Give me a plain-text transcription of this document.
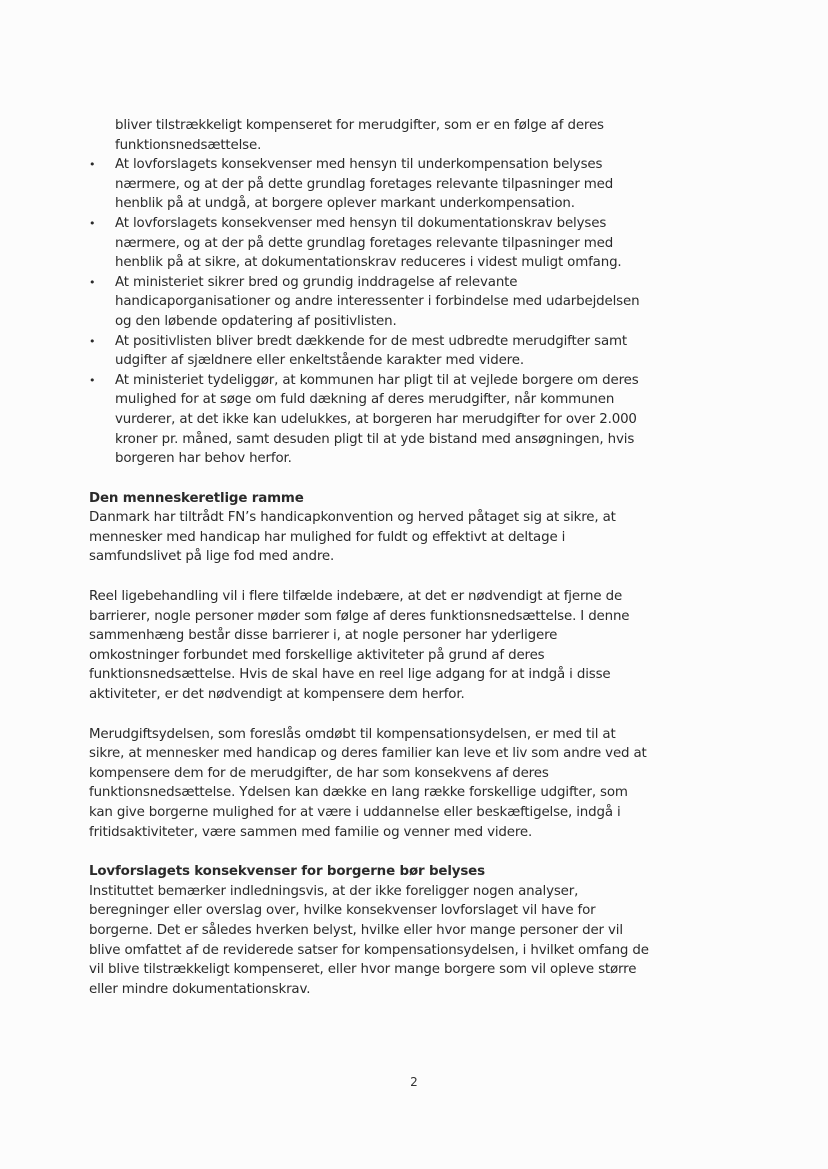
bliver tilstrækkeligt kompenseret for merudgifter, som er en følge af deres funktionsnedsættelse.

• At lovforslagets konsekvenser med hensyn til underkompensation belyses nærmere, og at der på dette grundlag foretages relevante tilpasninger med henblik på at undgå, at borgere oplever markant underkompensation.
• At lovforslagets konsekvenser med hensyn til dokumentationskrav belyses nærmere, og at der på dette grundlag foretages relevante tilpasninger med henblik på at sikre, at dokumentationskrav reduceres i videst muligt omfang.
• At ministeriet sikrer bred og grundig inddragelse af relevante handicaporganisationer og andre interessenter i forbindelse med udarbejdelsen og den løbende opdatering af positivlisten.
• At positivlisten bliver bredt dækkende for de mest udbredte merudgifter samt udgifter af sjældnere eller enkeltstående karakter med videre.
• At ministeriet tydeliggør, at kommunen har pligt til at vejlede borgere om deres mulighed for at søge om fuld dækning af deres merudgifter, når kommunen vurderer, at det ikke kan udelukkes, at borgeren har merudgifter for over 2.000 kroner pr. måned, samt desuden pligt til at yde bistand med ansøgningen, hvis borgeren har behov herfor.
Den menneskeretlige ramme

Danmark har tiltrådt FN’s handicapkonvention og herved påtaget sig at sikre, at mennesker med handicap har mulighed for fuldt og effektivt at deltage i samfundslivet på lige fod med andre.

Reel ligebehandling vil i flere tilfælde indebære, at det er nødvendigt at fjerne de barrierer, nogle personer møder som følge af deres funktionsnedsættelse. I denne sammenhæng består disse barrierer i, at nogle personer har yderligere omkostninger forbundet med forskellige aktiviteter på grund af deres funktionsnedsættelse. Hvis de skal have en reel lige adgang for at indgå i disse aktiviteter, er det nødvendigt at kompensere dem herfor.

Merudgiftsydelsen, som foreslås omdøbt til kompensationsydelsen, er med til at sikre, at mennesker med handicap og deres familier kan leve et liv som andre ved at kompensere dem for de merudgifter, de har som konsekvens af deres funktionsnedsættelse. Ydelsen kan dække en lang række forskellige udgifter, som kan give borgerne mulighed for at være i uddannelse eller beskæftigelse, indgå i fritidsaktiviteter, være sammen med familie og venner med videre.

Lovforslagets konsekvenser for borgerne bør belyses

Instituttet bemærker indledningsvis, at der ikke foreligger nogen analyser, beregninger eller overslag over, hvilke konsekvenser lovforslaget vil have for borgerne. Det er således hverken belyst, hvilke eller hvor mange personer der vil blive omfattet af de reviderede satser for kompensationsydelsen, i hvilket omfang de vil blive tilstrækkeligt kompenseret, eller hvor mange borgere som vil opleve større eller mindre dokumentationskrav.

2
